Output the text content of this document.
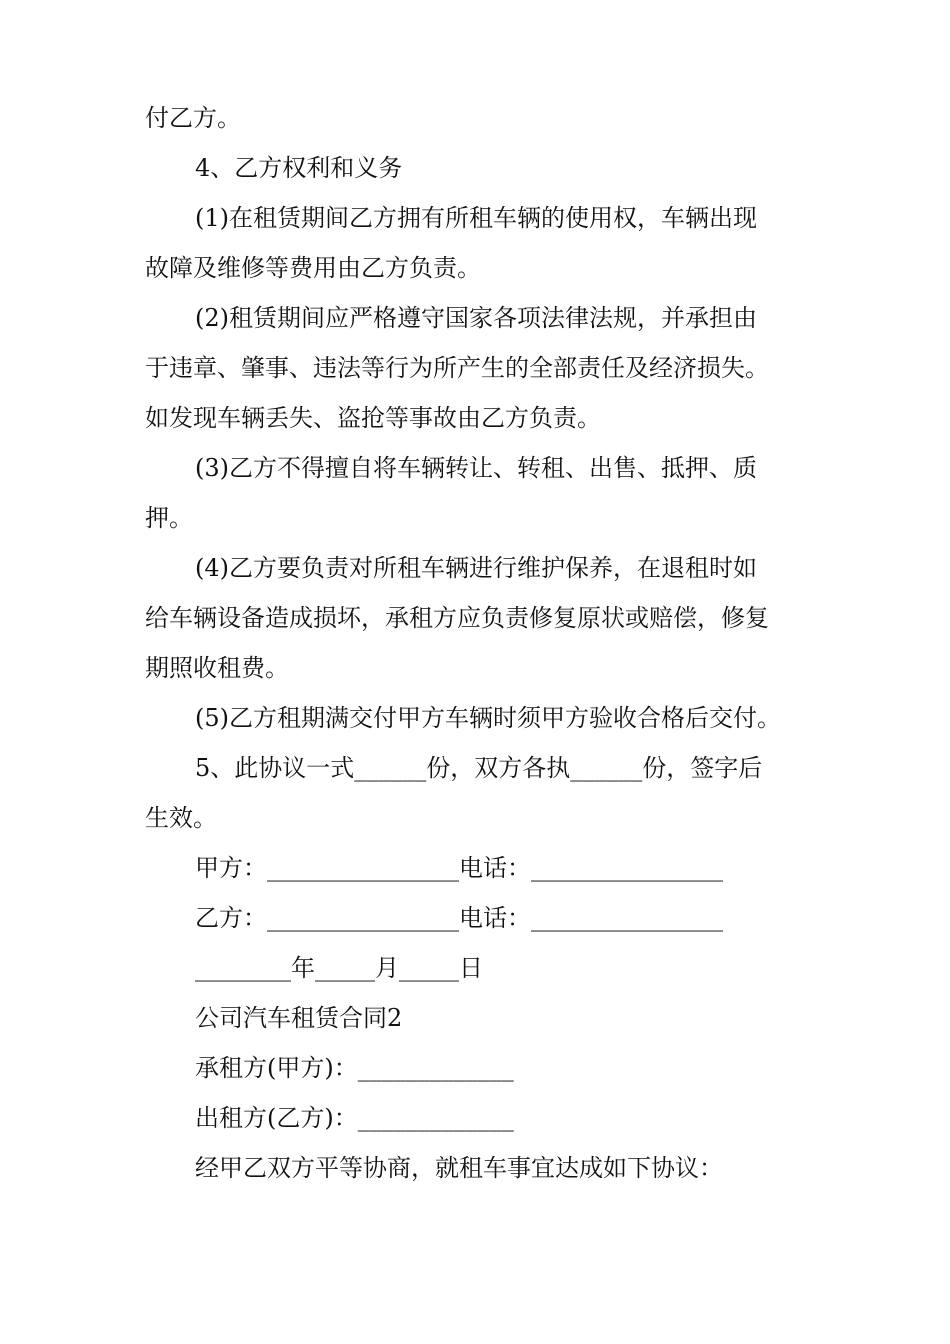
付乙方。
4、乙方权利和义务
(1)在租赁期间乙方拥有所租车辆的使用权，车辆出现
故障及维修等费用由乙方负责。
(2)租赁期间应严格遵守国家各项法律法规，并承担由
于违章、肇事、违法等行为所产生的全部责任及经济损失。
如发现车辆丢失、盗抢等事故由乙方负责。
(3)乙方不得擅自将车辆转让、转租、出售、抵押、质
押。
(4)乙方要负责对所租车辆进行维护保养，在退租时如
给车辆设备造成损坏，承租方应负责修复原状或赔偿，修复
期照收租费。
(5)乙方租期满交付甲方车辆时须甲方验收合格后交付。
5、此协议一式______份，双方各执______份，签字后
生效。
甲方：________________电话：________________
乙方：________________电话：________________
________年_____月_____日
公司汽车租赁合同2
承租方(甲方)：_____________
出租方(乙方)：_____________
经甲乙双方平等协商，就租车事宜达成如下协议：
